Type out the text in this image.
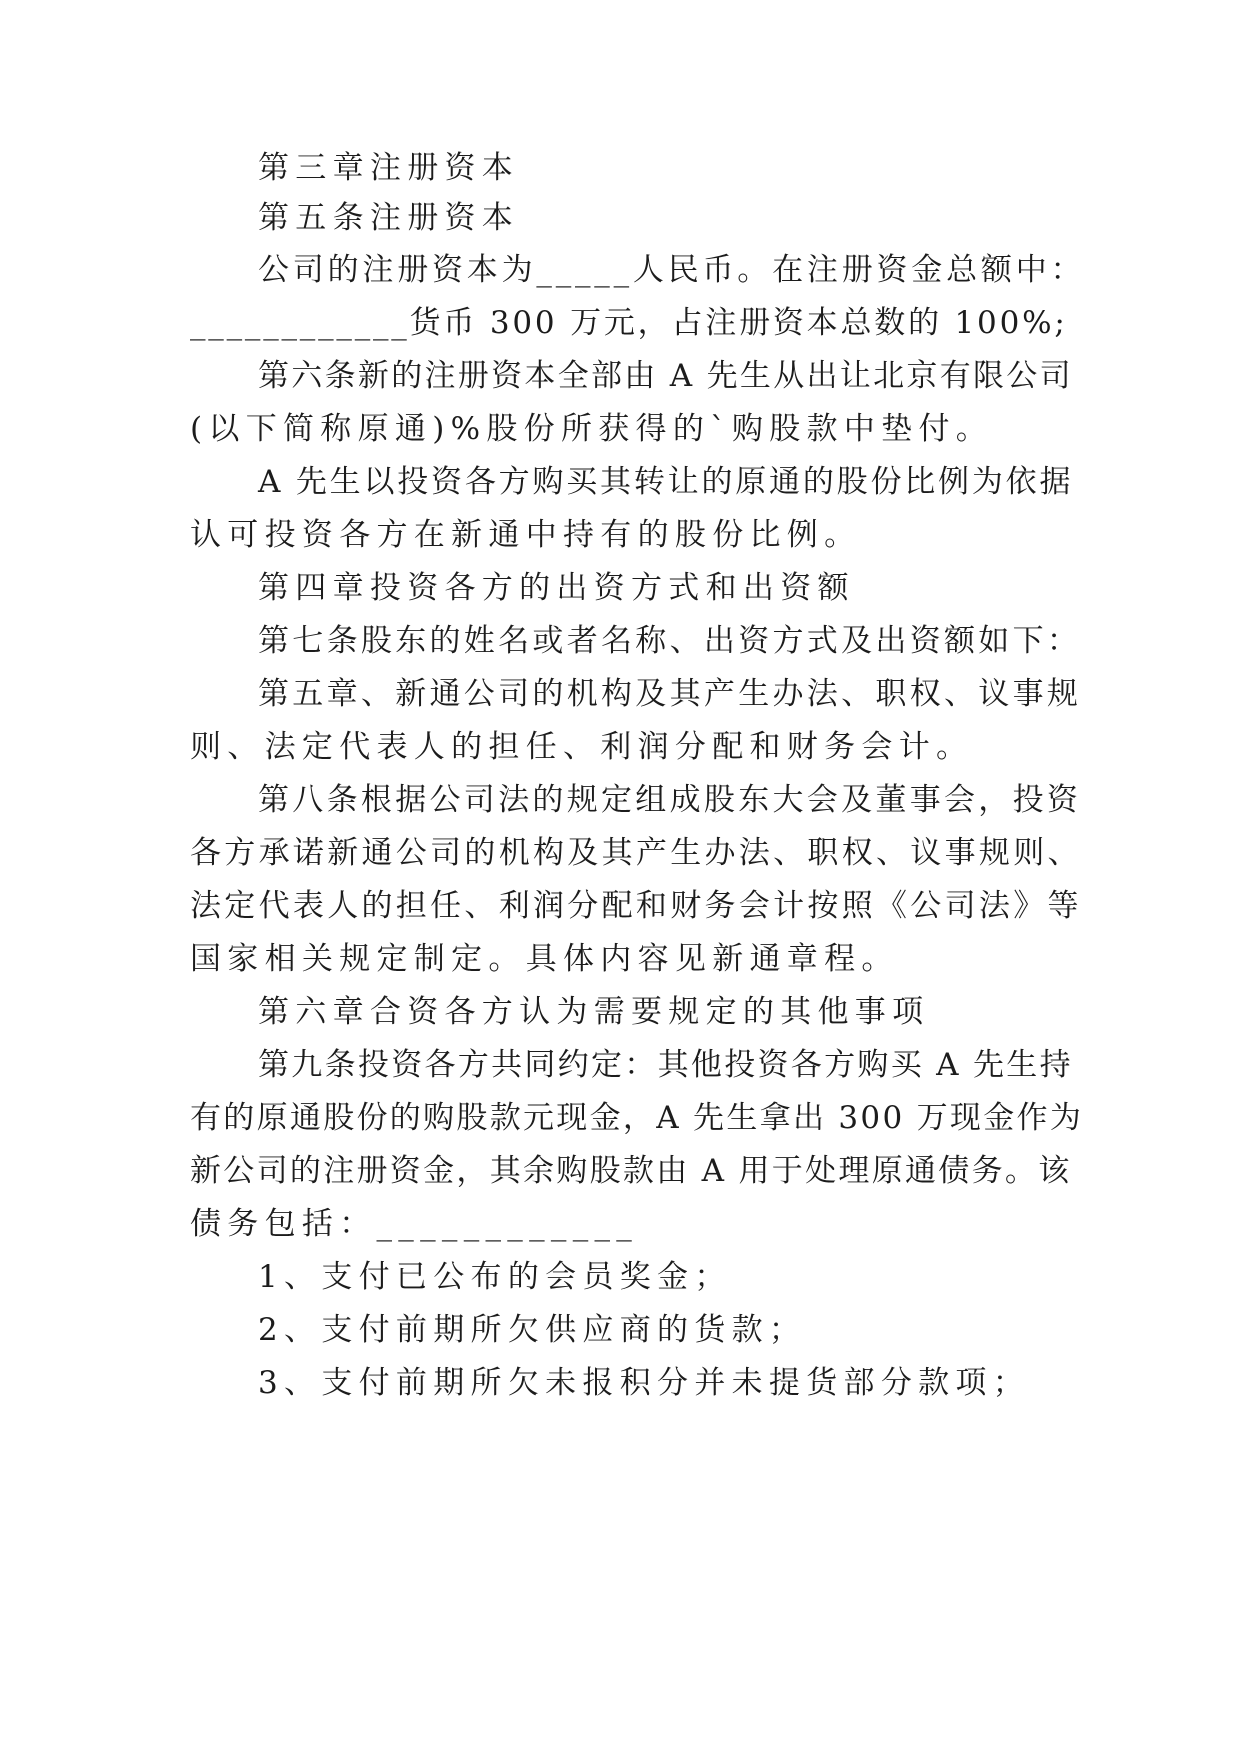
第三章注册资本
第五条注册资本
公司的注册资本为_____人民币。在注册资金总额中：
____________货币 300 万元，占注册资本总数的 100%;
第六条新的注册资本全部由 A 先生从出让北京有限公司
(以下简称原通)%股份所获得的`购股款中垫付。
A 先生以投资各方购买其转让的原通的股份比例为依据
认可投资各方在新通中持有的股份比例。
第四章投资各方的出资方式和出资额
第七条股东的姓名或者名称、出资方式及出资额如下：
第五章、新通公司的机构及其产生办法、职权、议事规
则、法定代表人的担任、利润分配和财务会计。
第八条根据公司法的规定组成股东大会及董事会，投资
各方承诺新通公司的机构及其产生办法、职权、议事规则、
法定代表人的担任、利润分配和财务会计按照《公司法》等
国家相关规定制定。具体内容见新通章程。
第六章合资各方认为需要规定的其他事项
第九条投资各方共同约定：其他投资各方购买 A 先生持
有的原通股份的购股款元现金，A 先生拿出 300 万现金作为
新公司的注册资金，其余购股款由 A 用于处理原通债务。该
债务包括：____________
1、支付已公布的会员奖金；
2、支付前期所欠供应商的货款；
3、支付前期所欠未报积分并未提货部分款项；
